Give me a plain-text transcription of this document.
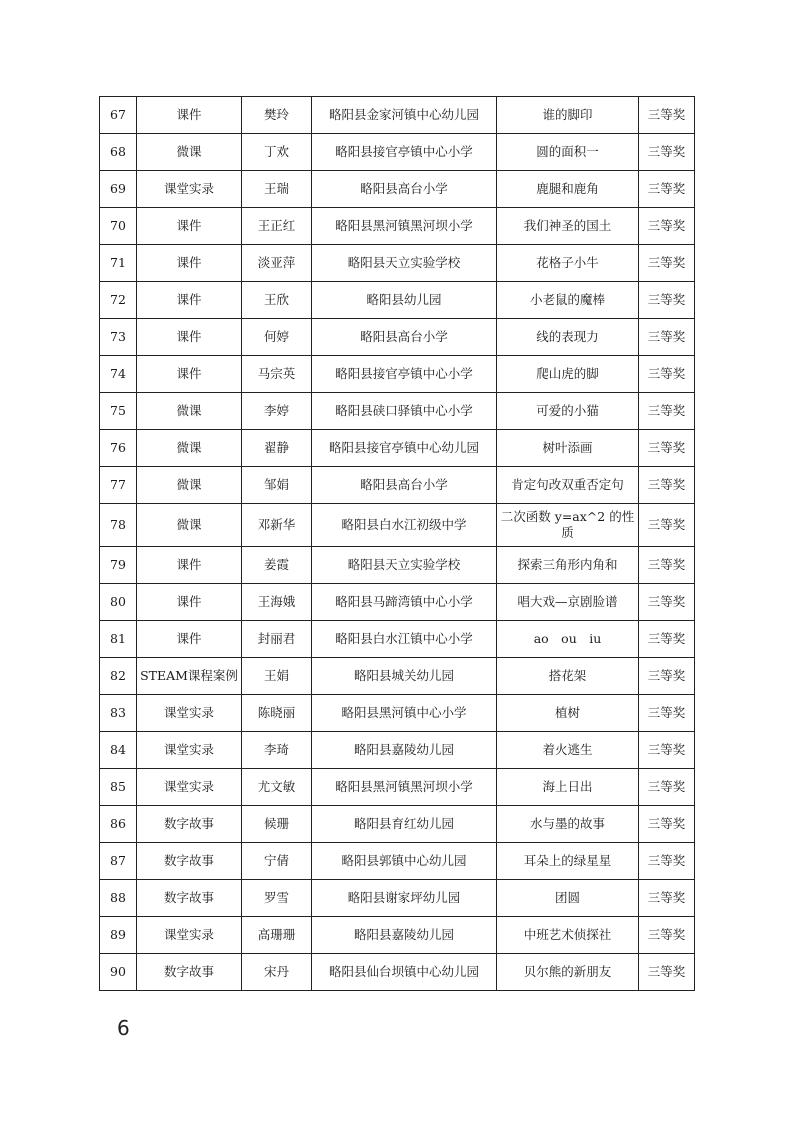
67	课件	樊玲	略阳县金家河镇中心幼儿园	谁的脚印	三等奖
68	微课	丁欢	略阳县接官亭镇中心小学	圆的面积一	三等奖
69	课堂实录	王瑞	略阳县高台小学	鹿腿和鹿角	三等奖
70	课件	王正红	略阳县黑河镇黑河坝小学	我们神圣的国土	三等奖
71	课件	淡亚萍	略阳县天立实验学校	花格子小牛	三等奖
72	课件	王欣	略阳县幼儿园	小老鼠的魔棒	三等奖
73	课件	何婷	略阳县高台小学	线的表现力	三等奖
74	课件	马宗英	略阳县接官亭镇中心小学	爬山虎的脚	三等奖
75	微课	李婷	略阳县硖口驿镇中心小学	可爱的小猫	三等奖
76	微课	翟静	略阳县接官亭镇中心幼儿园	树叶添画	三等奖
77	微课	邹娟	略阳县高台小学	肯定句改双重否定句	三等奖
78	微课	邓新华	略阳县白水江初级中学	二次函数 y=ax^2 的性质	三等奖
79	课件	姜霞	略阳县天立实验学校	探索三角形内角和	三等奖
80	课件	王海娥	略阳县马蹄湾镇中心小学	唱大戏—京剧脸谱	三等奖
81	课件	封丽君	略阳县白水江镇中心小学	ao　ou　iu	三等奖
82	STEAM课程案例	王娟	略阳县城关幼儿园	搭花架	三等奖
83	课堂实录	陈晓丽	略阳县黑河镇中心小学	植树	三等奖
84	课堂实录	李琦	略阳县嘉陵幼儿园	着火逃生	三等奖
85	课堂实录	尤文敏	略阳县黑河镇黑河坝小学	海上日出	三等奖
86	数字故事	候珊	略阳县育红幼儿园	水与墨的故事	三等奖
87	数字故事	宁倩	略阳县郭镇中心幼儿园	耳朵上的绿星星	三等奖
88	数字故事	罗雪	略阳县谢家坪幼儿园	团圆	三等奖
89	课堂实录	高珊珊	略阳县嘉陵幼儿园	中班艺术侦探社	三等奖
90	数字故事	宋丹	略阳县仙台坝镇中心幼儿园	贝尔熊的新朋友	三等奖
6
